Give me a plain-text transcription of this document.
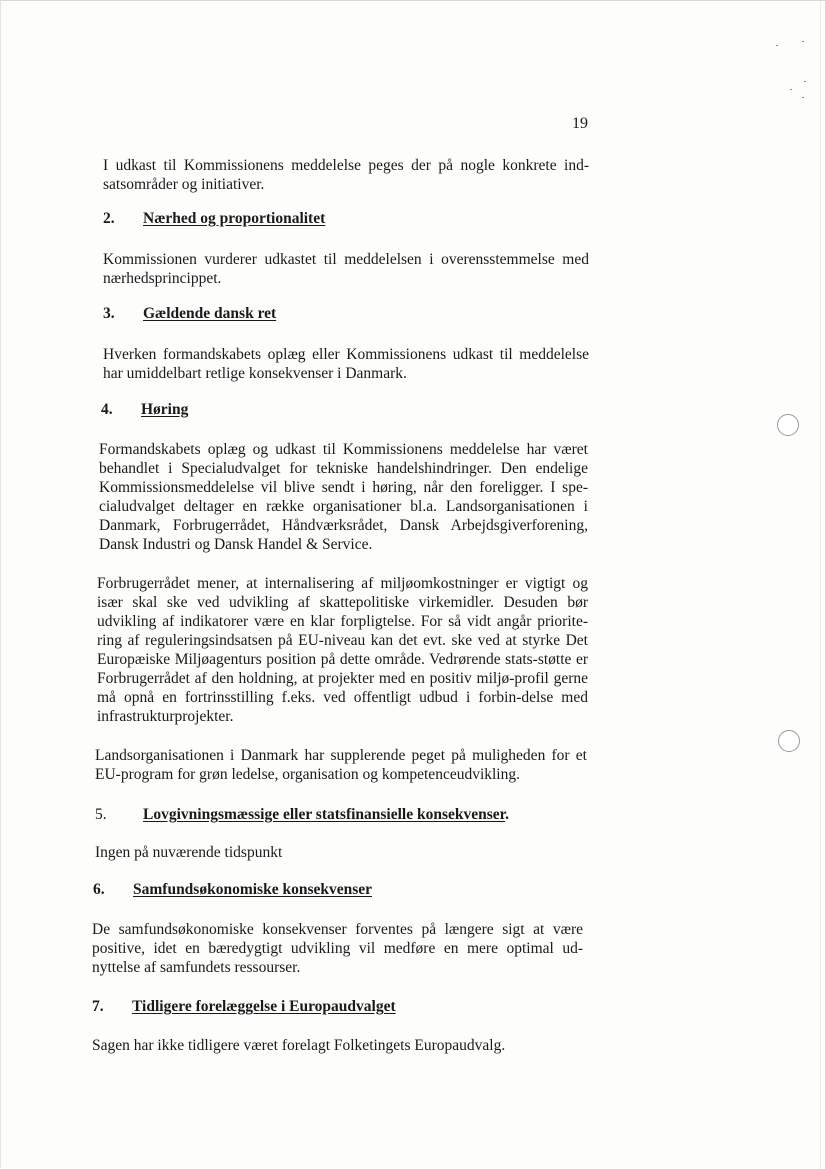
19

I udkast til Kommissionens meddelelse peges der på nogle konkrete ind-satsområder og initiativer.

2. Nærhed og proportionalitet

Kommissionen vurderer udkastet til meddelelsen i overensstemmelse med nærhedsprincippet.

3. Gældende dansk ret

Hverken formandskabets oplæg eller Kommissionens udkast til meddelelse har umiddelbart retlige konsekvenser i Danmark.

4. Høring

Formandskabets oplæg og udkast til Kommissionens meddelelse har været behandlet i Specialudvalget for tekniske handelshindringer. Den endelige Kommissionsmeddelelse vil blive sendt i høring, når den foreligger. I spe-cialudvalget deltager en række organisationer bl.a. Landsorganisationen i Danmark, Forbrugerrådet, Håndværksrådet, Dansk Arbejdsgiverforening, Dansk Industri og Dansk Handel & Service.

Forbrugerrådet mener, at internalisering af miljøomkostninger er vigtigt og især skal ske ved udvikling af skattepolitiske virkemidler. Desuden bør udvikling af indikatorer være en klar forpligtelse. For så vidt angår priorite-ring af reguleringsindsatsen på EU-niveau kan det evt. ske ved at styrke Det Europæiske Miljøagenturs position på dette område. Vedrørende stats-støtte er Forbrugerrådet af den holdning, at projekter med en positiv miljø-profil gerne må opnå en fortrinsstilling f.eks. ved offentligt udbud i forbin-delse med infrastrukturprojekter.

Landsorganisationen i Danmark har supplerende peget på muligheden for et EU-program for grøn ledelse, organisation og kompetenceudvikling.

5. Lovgivningsmæssige eller statsfinansielle konsekvenser.

Ingen på nuværende tidspunkt

6. Samfundsøkonomiske konsekvenser

De samfundsøkonomiske konsekvenser forventes på længere sigt at være positive, idet en bæredygtigt udvikling vil medføre en mere optimal ud-nyttelse af samfundets ressourser.

7. Tidligere forelæggelse i Europaudvalget

Sagen har ikke tidligere været forelagt Folketingets Europaudvalg.
